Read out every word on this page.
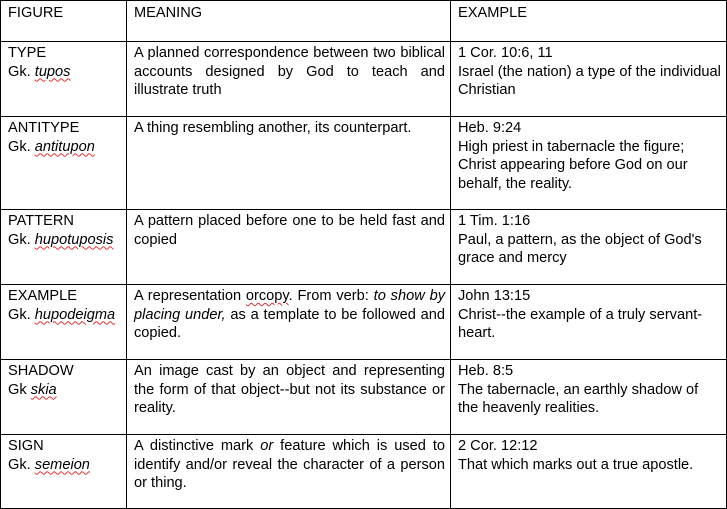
FIGURE	MEANING	EXAMPLE

TYPE
Gk. tupos	A planned correspondence between two biblical accounts designed by God to teach and illustrate truth	1 Cor. 10:6, 11
Israel (the nation) a type of the individual Christian

ANTITYPE
Gk. antitupon	A thing resembling another, its counterpart.	Heb. 9:24
High priest in tabernacle the figure; Christ appearing before God on our behalf, the reality.

PATTERN
Gk. hupotuposis	A pattern placed before one to be held fast and copied	1 Tim. 1:16
Paul, a pattern, as the object of God's grace and mercy

EXAMPLE
Gk. hupodeigma	A representation orcopy. From verb: to show by placing under, as a template to be followed and copied.	John 13:15
Christ--the example of a truly servant-heart.

SHADOW
Gk skia	An image cast by an object and representing the form of that object--but not its substance or reality.	Heb. 8:5
The tabernacle, an earthly shadow of the heavenly realities.

SIGN
Gk. semeion	A distinctive mark or feature which is used to identify and/or reveal the character of a person or thing.	2 Cor. 12:12
That which marks out a true apostle.
